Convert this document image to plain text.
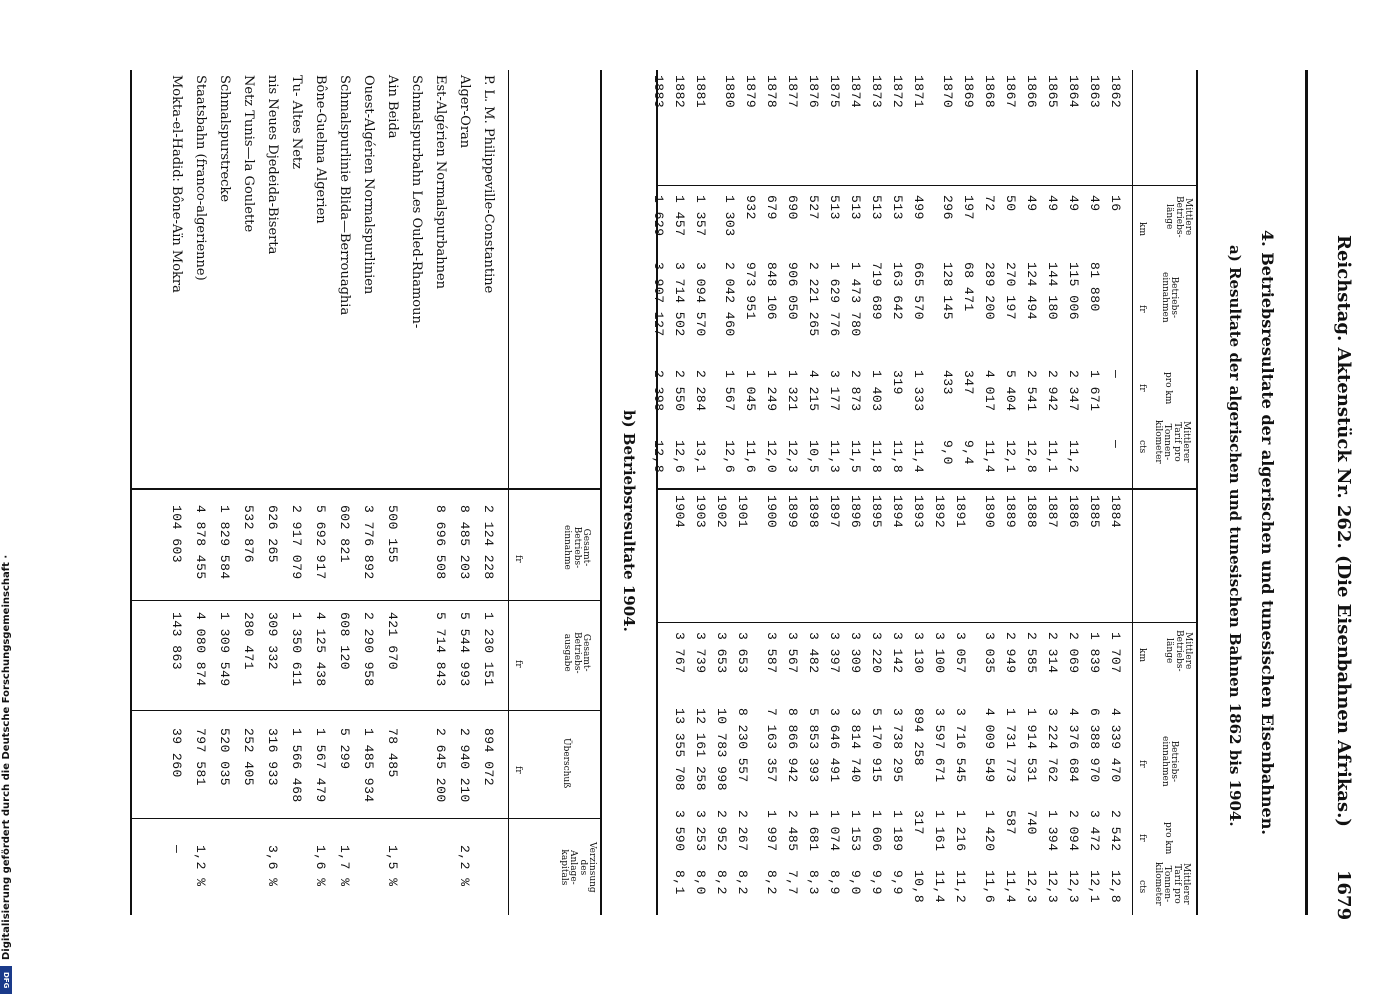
Reichstag. Aktenstück Nr. 262. (Die Eisenbahnen Afrikas.)
1679
4. Betriebsresultate der algerischen und tunesischen Eisenbahnen.
a) Resultate der algerischen und tunesischen Bahnen 1862 bis 1904.
Mittlere
Betriebs-
länge
Betriebs-
einnahmen
pro km
Mittlerer
Tarif pro
Tonnen-
kilometer
km
fr
fr
cts
Mittlere
Betriebs-
länge
Betriebs-
einnahmen
pro km
Mittlerer
Tarif pro
Tonnen-
kilometer
km
fr
fr
cts
1862
16
—
—
1863
49
81 880
1 671
1864
49
115 006
2 347
11,2
1865
49
144 180
2 942
11,1
1866
49
124 494
2 541
12,8
1867
50
270 197
5 404
12,1
1868
72
289 200
4 017
11,4
1869
197
68 471
347
9,4
1870
296
128 145
433
9,0
1871
499
665 570
1 333
11,4
1872
513
163 642
319
11,8
1873
513
719 689
1 403
11,8
1874
513
1 473 780
2 873
11,5
1875
513
1 629 776
3 177
11,3
1876
527
2 221 265
4 215
10,5
1877
690
906 050
1 321
12,3
1878
679
848 106
1 249
12,0
1879
932
973 951
1 045
11,6
1880
1 303
2 042 460
1 567
12,6
1881
1 357
3 094 570
2 284
13,1
1882
1 457
3 714 502
2 550
12,6
1883
1 629
3 907 127
2 398
12,8
1884
1 707
4 339 470
2 542
12,8
1885
1 839
6 388 970
3 472
12,1
1886
2 069
4 376 684
2 094
12,3
1887
2 314
3 224 762
1 394
12,3
1888
2 585
1 914 531
740
12,3
1889
2 949
1 731 773
587
11,4
1890
3 035
4 009 549
1 420
11,6
1891
3 057
3 716 545
1 216
11,2
1892
3 100
3 597 671
1 161
11,4
1893
3 130
894 258
317
10,8
1894
3 142
3 738 295
1 189
9,9
1895
3 220
5 170 915
1 606
9,9
1896
3 309
3 814 740
1 153
9,0
1897
3 397
3 646 491
1 074
8,9
1898
3 482
5 853 393
1 681
8,3
1899
3 567
8 866 942
2 485
7,7
1900
3 587
7 163 357
1 997
8,2
1901
3 653
8 230 557
2 267
8,2
1902
3 653
10 783 998
2 952
8,2
1903
3 739
12 161 258
3 253
8,0
1904
3 767
13 355 708
3 590
8,1
b) Betriebsresultate 1904.
Gesamt-
Betriebs-
einnahme
Gesamt-
Betriebs-
ausgabe
Überschuß
Verzinsung
des
Anlage-
kapitals
fr
fr
fr
P. L. M. Philippeville-Constantine
2 124 228
1 230 151
894 072
Alger-Oran
8 485 203
5 544 993
2 940 210
2,2 %
Est-Algérien Normalspurbahnen
8 696 508
5 714 843
2 645 200
Schmalspurbahn Les Ouled-Rhamoun-
Ain Beida
500 155
421 670
78 485
1,5 %
Ouest-Algérien Normalspurlinien
3 776 892
2 290 958
1 485 934
Schmalspurlinie Blida—Berrouaghia
602 821
608 120
5 299
1,7 %
Bône-Guelma Algerien
5 692 917
4 125 438
1 567 479
1,6 %
Tu- Altes Netz
2 917 079
1 350 611
1 566 468
nis Neues Djedeida-Biserta
626 265
309 332
316 933
3,6 %
Netz Tunis—la Goulette
532 876
280 471
252 405
Schmalspurstrecke
1 829 584
1 309 549
520 035
Staatsbahn (franco-algerienne)
4 878 455
4 080 874
797 581
1,2 %
Mokta-el-Hadid: Bône-Aïn Mokra
104 603
143 863
39 260
—
Digitalisierung gefördert durch die Deutsche Forschungsgemeinschaft ·
DFG
